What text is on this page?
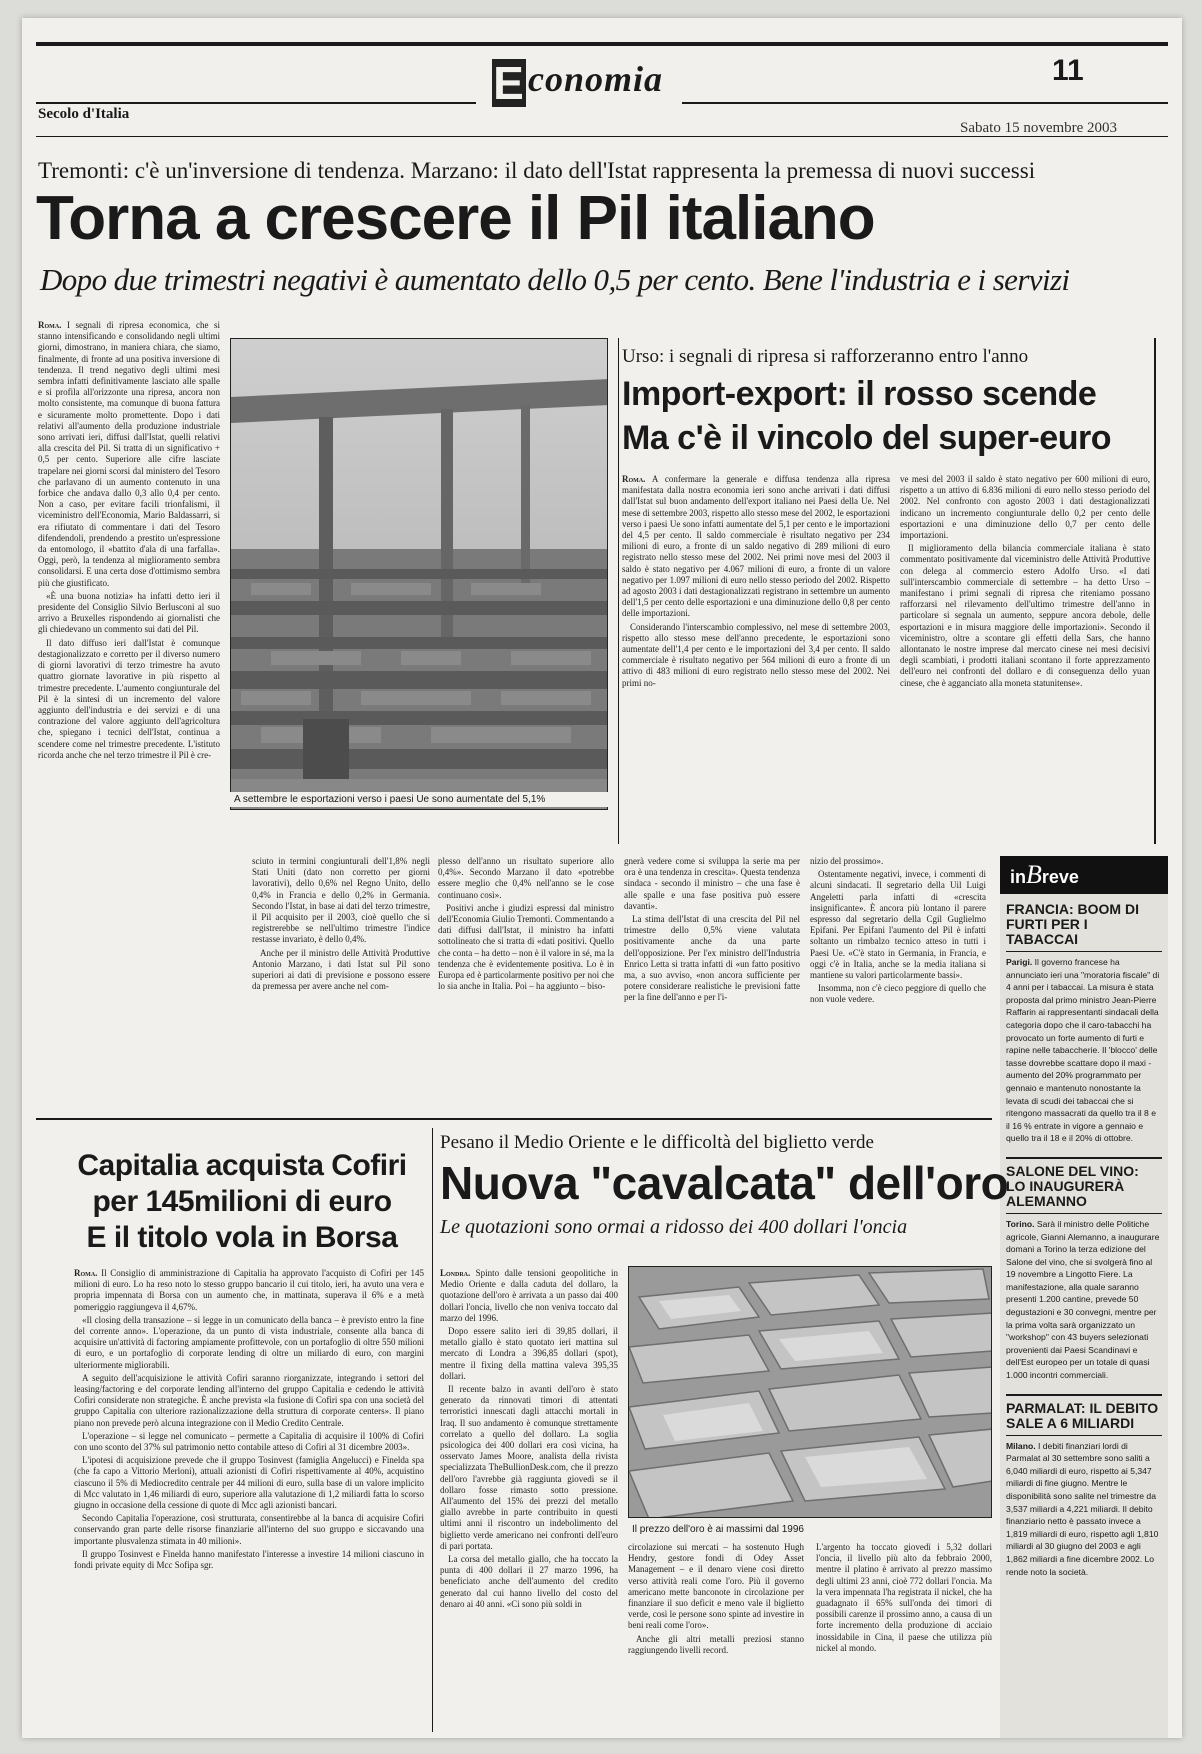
Economia	11
Secolo d'Italia
Sabato 15 novembre 2003
Tremonti: c'è un'inversione di tendenza. Marzano: il dato dell'Istat rappresenta la premessa di nuovi successi
Torna a crescere il Pil italiano
Dopo due trimestri negativi è aumentato dello 0,5 per cento. Bene l'industria e i servizi

Roma. I segnali di ripresa economica, che si stanno intensificando e consolidando negli ultimi giorni, dimostrano, in maniera chiara, che siamo, finalmente, di fronte ad una positiva inversione di tendenza. Il trend negativo degli ultimi mesi sembra infatti definitivamente lasciato alle spalle e si profila all'orizzonte una ripresa, ancora non molto consistente, ma comunque di buona fattura e sicuramente molto promettente. Dopo i dati relativi all'aumento della produzione industriale sono arrivati ieri, diffusi dall'Istat, quelli relativi alla crescita del Pil. Si tratta di un significativo + 0,5 per cento. Superiore alle cifre lasciate trapelare nei giorni scorsi dal ministero del Tesoro che parlavano di un aumento contenuto in una forbice che andava dallo 0,3 allo 0,4 per cento. Non a caso, per evitare facili trionfalismi, il viceministro dell'Economia, Mario Baldassarri, si era rifiutato di commentare i dati del Tesoro difendendoli, prendendo a prestito un'espressione da entomologo, il «battito d'ala di una farfalla». Oggi, però, la tendenza al miglioramento sembra consolidarsi. E una certa dose d'ottimismo sembra più che giustificato.

«È una buona notizia» ha infatti detto ieri il presidente del Consiglio Silvio Berlusconi al suo arrivo a Bruxelles rispondendo ai giornalisti che gli chiedevano un commento sui dati del Pil.

Il dato diffuso ieri dall'Istat è comunque destagionalizzato e corretto per il diverso numero di giorni lavorativi di terzo trimestre ha avuto quattro giornate lavorative in più rispetto al trimestre precedente. L'aumento congiunturale del Pil è la sintesi di un incremento del valore aggiunto dell'industria e dei servizi e di una contrazione del valore aggiunto dell'agricoltura che, spiegano i tecnici dell'Istat, continua a scendere come nel trimestre precedente. L'istituto ricorda anche che nel terzo trimestre il Pil è cre-

A settembre le esportazioni verso i paesi Ue sono aumentate del 5,1%
Urso: i segnali di ripresa si rafforzeranno entro l'anno
Import-export: il rosso scende
Ma c'è il vincolo del super-euro

Roma. A confermare la generale e diffusa tendenza alla ripresa manifestata dalla nostra economia ieri sono anche arrivati i dati diffusi dall'Istat sul buon andamento dell'export italiano nei Paesi della Ue. Nel mese di settembre 2003, rispetto allo stesso mese del 2002, le esportazioni verso i paesi Ue sono infatti aumentate del 5,1 per cento e le importazioni del 4,5 per cento. Il saldo commerciale è risultato negativo per 234 milioni di euro, a fronte di un saldo negativo di 289 milioni di euro registrato nello stesso mese del 2002. Nei primi nove mesi del 2003 il saldo è stato negativo per 4.067 milioni di euro, a fronte di un valore negativo per 1.097 milioni di euro nello stesso periodo del 2002. Rispetto ad agosto 2003 i dati destagionalizzati registrano in settembre un aumento dell'1,5 per cento delle esportazioni e una diminuzione dello 0,8 per cento delle importazioni.

Considerando l'interscambio complessivo, nel mese di settembre 2003, rispetto allo stesso mese dell'anno precedente, le esportazioni sono aumentate dell'1,4 per cento e le importazioni del 3,4 per cento. Il saldo commerciale è risultato negativo per 564 milioni di euro a fronte di un attivo di 483 milioni di euro registrato nello stesso mese del 2002. Nei primi no-

ve mesi del 2003 il saldo è stato negativo per 600 milioni di euro, rispetto a un attivo di 6.836 milioni di euro nello stesso periodo del 2002. Nel confronto con agosto 2003 i dati destagionalizzati indicano un incremento congiunturale dello 0,2 per cento delle esportazioni e una diminuzione dello 0,7 per cento delle importazioni.

Il miglioramento della bilancia commerciale italiana è stato commentato positivamente dal viceministro delle Attività Produttive con delega al commercio estero Adolfo Urso. «I dati sull'interscambio commerciale di settembre – ha detto Urso – manifestano i primi segnali di ripresa che riteniamo possano rafforzarsi nel rilevamento dell'ultimo trimestre dell'anno in particolare si segnala un aumento, seppure ancora debole, delle esportazioni e in misura maggiore delle importazioni». Secondo il viceministro, oltre a scontare gli effetti della Sars, che hanno allontanato le nostre imprese dal mercato cinese nei mesi decisivi degli scambiati, i prodotti italiani scontano il forte apprezzamento dell'euro nei confronti del dollaro e di conseguenza dello yuan cinese, che è agganciato alla moneta statunitense».

sciuto in termini congiunturali dell'1,8% negli Stati Uniti (dato non corretto per giorni lavorativi), dello 0,6% nel Regno Unito, dello 0,4% in Francia e dello 0,2% in Germania. Secondo l'Istat, in base ai dati del terzo trimestre, il Pil acquisito per il 2003, cioè quello che si registrerebbe se nell'ultimo trimestre l'indice restasse invariato, è dello 0,4%.

Anche per il ministro delle Attività Produttive Antonio Marzano, i dati Istat sul Pil sono superiori ai dati di previsione e possono essere da premessa per avere anche nel com-

plesso dell'anno un risultato superiore allo 0,4%». Secondo Marzano il dato «potrebbe essere meglio che 0,4% nell'anno se le cose continuano così».

Positivi anche i giudizi espressi dal ministro dell'Economia Giulio Tremonti. Commentando a dati diffusi dall'Istat, il ministro ha infatti sottolineato che si tratta di «dati positivi. Quello che conta – ha detto – non è il valore in sé, ma la tendenza che è evidentemente positiva. Lo è in Europa ed è particolarmente positivo per noi che lo sia anche in Italia. Poi – ha aggiunto – biso-

gnerà vedere come si sviluppa la serie ma per ora è una tendenza in crescita». Questa tendenza sindaca - secondo il ministro – che una fase è alle spalle e una fase positiva può essere davanti».

La stima dell'Istat di una crescita del Pil nel trimestre dello 0,5% viene valutata positivamente anche da una parte dell'opposizione. Per l'ex ministro dell'Industria Enrico Letta si tratta infatti di «un fatto positivo ma, a suo avviso, «non ancora sufficiente per potere considerare realistiche le previsioni fatte per la fine dell'anno e per l'i-

nizio del prossimo».

Ostentamente negativi, invece, i commenti di alcuni sindacati. Il segretario della Uil Luigi Angeletti parla infatti di «crescita insignificante». È ancora più lontano il parere espresso dal segretario della Cgil Guglielmo Epifani. Per Epifani l'aumento del Pil è infatti soltanto un rimbalzo tecnico atteso in tutti i Paesi Ue. «C'è stato in Germania, in Francia, e oggi c'è in Italia, anche se la media italiana si mantiene su valori particolarmente bassi».

Insomma, non c'è cieco peggiore di quello che non vuole vedere.

inBreve
FRANCIA: BOOM DI FURTI PER I TABACCAI
Parigi. Il governo francese ha annunciato ieri una "moratoria fiscale" di 4 anni per i tabaccai. La misura è stata proposta dal primo ministro Jean-Pierre Raffarin ai rappresentanti sindacali della categoria dopo che il caro-tabacchi ha provocato un forte aumento di furti e rapine nelle tabaccherie. Il 'blocco' delle tasse dovrebbe scattare dopo il maxi -aumento del 20% programmato per gennaio e mantenuto nonostante la levata di scudi dei tabaccai che si ritengono massacrati da quello tra il 8 e il 16 % entrate in vigore a gennaio e quello tra il 18 e il 20% di ottobre.
SALONE DEL VINO: LO INAUGURERÀ ALEMANNO
Torino. Sarà il ministro delle Politiche agricole, Gianni Alemanno, a inaugurare domani a Torino la terza edizione del Salone del vino, che si svolgerà fino al 19 novembre a Lingotto Fiere. La manifestazione, alla quale saranno presenti 1.200 cantine, prevede 50 degustazioni e 30 convegni, mentre per la prima volta sarà organizzato un "workshop" con 43 buyers selezionati provenienti dai Paesi Scandinavi e dell'Est europeo per un totale di quasi 1.000 incontri commerciali.
PARMALAT: IL DEBITO SALE A 6 MILIARDI
Milano. I debiti finanziari lordi di Parmalat al 30 settembre sono saliti a 6,040 miliardi di euro, rispetto ai 5,347 miliardi di fine giugno. Mentre le disponibilità sono salite nel trimestre da 3,537 miliardi a 4,221 miliardi. Il debito finanziario netto è passato invece a 1,819 miliardi di euro, rispetto agli 1,810 miliardi al 30 giugno del 2003 e agli 1,862 miliardi a fine dicembre 2002. Lo rende noto la società.
Capitalia acquista Cofiri
per 145milioni di euro
E il titolo vola in Borsa

Roma. Il Consiglio di amministrazione di Capitalia ha approvato l'acquisto di Cofiri per 145 milioni di euro. Lo ha reso noto lo stesso gruppo bancario il cui titolo, ieri, ha avuto una vera e propria impennata di Borsa con un aumento che, in mattinata, superava il 6% e a metà pomeriggio raggiungeva il 4,67%.

«Il closing della transazione – si legge in un comunicato della banca – è previsto entro la fine del corrente anno». L'operazione, da un punto di vista industriale, consente alla banca di acquisire un'attività di factoring ampiamente profittevole, con un portafoglio di oltre 550 milioni di euro, e un portafoglio di corporate lending di oltre un miliardo di euro, con margini ulteriormente migliorabili.

A seguito dell'acquisizione le attività Cofiri saranno riorganizzate, integrando i settori del leasing/factoring e del corporate lending all'interno del gruppo Capitalia e cedendo le attività Cofiri considerate non strategiche. È anche prevista «la fusione di Cofiri spa con una società del gruppo Capitalia con ulteriore razionalizzazione della struttura di corporate centers». Il piano piano non prevede però alcuna integrazione con il Medio Credito Centrale.

L'operazione – si legge nel comunicato – permette a Capitalia di acquisire il 100% di Cofiri con uno sconto del 37% sul patrimonio netto contabile atteso di Cofiri al 31 dicembre 2003».

L'ipotesi di acquisizione prevede che il gruppo Tosinvest (famiglia Angelucci) e Finelda spa (che fa capo a Vittorio Merloni), attuali azionisti di Cofiri rispettivamente al 40%, acquistino ciascuno il 5% di Mediocredito centrale per 44 milioni di euro, sulla base di un valore implicito di Mcc valutato in 1,46 miliardi di euro, superiore alla valutazione di 1,2 miliardi fatta lo scorso giugno in occasione della cessione di quote di Mcc agli azionisti bancari.

Secondo Capitalia l'operazione, così strutturata, consentirebbe al la banca di acquisire Cofiri conservando gran parte delle risorse finanziarie all'interno del suo gruppo e siccavando una importante plusvalenza stimata in 40 milioni».

Il gruppo Tosinvest e Finelda hanno manifestato l'interesse a investire 14 milioni ciascuno in fondi private equity di Mcc Sofipa sgr.

Pesano il Medio Oriente e le difficoltà del biglietto verde
Nuova "cavalcata" dell'oro
Le quotazioni sono ormai a ridosso dei 400 dollari l'oncia

Londra. Spinto dalle tensioni geopolitiche in Medio Oriente e dalla caduta del dollaro, la quotazione dell'oro è arrivata a un passo dai 400 dollari l'oncia, livello che non veniva toccato dal marzo del 1996.

Dopo essere salito ieri di 39,85 dollari, il metallo giallo è stato quotato ieri mattina sul mercato di Londra a 396,85 dollari (spot), mentre il fixing della mattina valeva 395,35 dollari.

Il recente balzo in avanti dell'oro è stato generato da rinnovati timori di attentati terroristici innescati dagli attacchi mortali in Iraq. Il suo andamento è comunque strettamente correlato a quello del dollaro. La soglia psicologica dei 400 dollari era così vicina, ha osservato James Moore, analista della rivista specializzata TheBullionDesk.com, che il prezzo dell'oro l'avrebbe già raggiunta giovedì se il dollaro fosse rimasto sotto pressione. All'aumento del 15% dei prezzi del metallo giallo avrebbe in parte contribuito in questi ultimi anni il riscontro un indebolimento del biglietto verde americano nei confronti dell'euro di pari portata.

La corsa del metallo giallo, che ha toccato la punta di 400 dollari il 27 marzo 1996, ha beneficiato anche dell'aumento del credito generato dal cui hanno livello del costo del denaro ai 40 anni. «Ci sono più soldi in

Il prezzo dell'oro è ai massimi dal 1996

circolazione sui mercati – ha sostenuto Hugh Hendry, gestore fondi di Odey Asset Management – e il denaro viene così diretto verso attività reali come l'oro. Più il governo americano mette banconote in circolazione per finanziare il suo deficit e meno vale il biglietto verde, così le persone sono spinte ad investire in beni reali come l'oro».

Anche gli altri metalli preziosi stanno raggiungendo livelli record.

L'argento ha toccato giovedì i 5,32 dollari l'oncia, il livello più alto da febbraio 2000, mentre il platino è arrivato al prezzo massimo degli ultimi 23 anni, cioè 772 dollari l'oncia. Ma la vera impennata l'ha registrata il nickel, che ha guadagnato il 65% sull'onda dei timori di possibili carenze il prossimo anno, a causa di un forte incremento della produzione di acciaio inossidabile in Cina, il paese che utilizza più nickel al mondo.
